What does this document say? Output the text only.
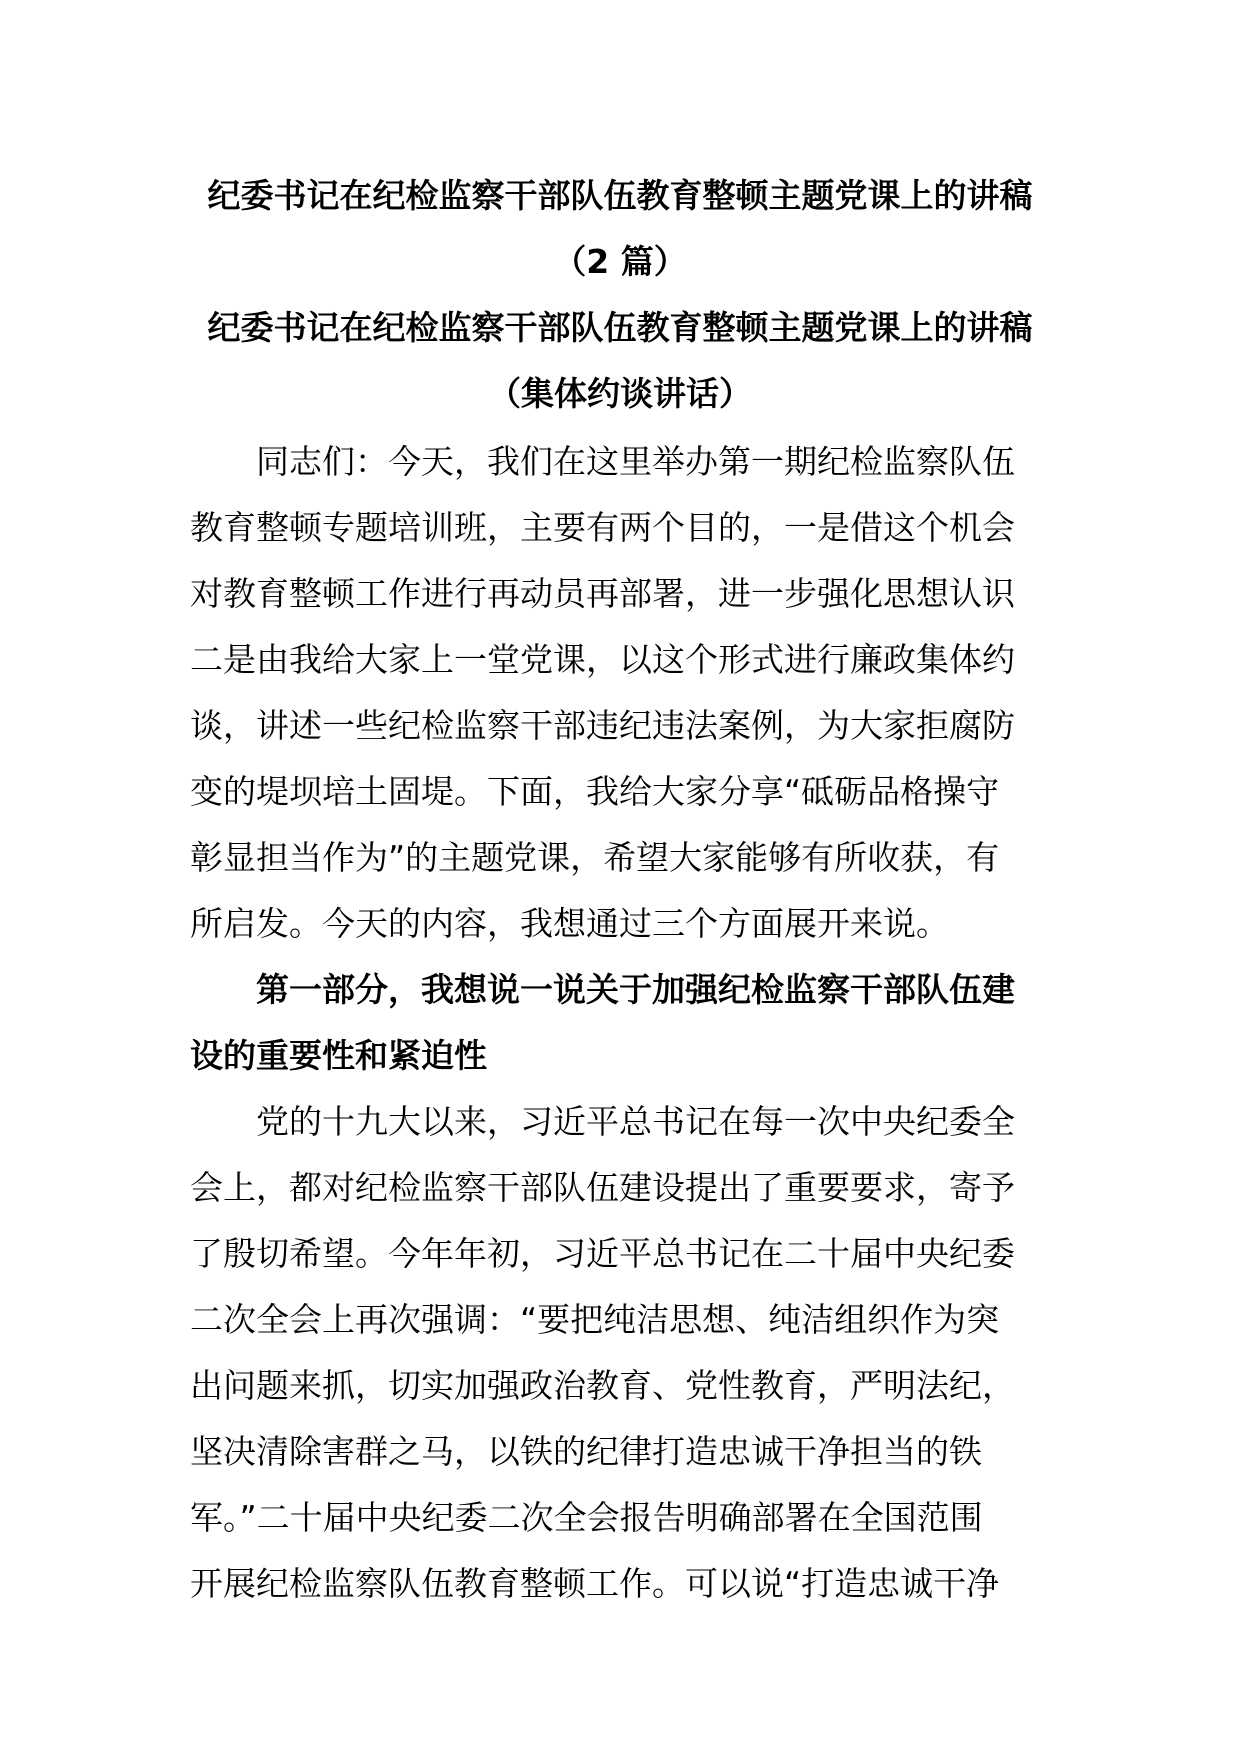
纪委书记在纪检监察干部队伍教育整顿主题党课上的讲稿

（2 篇）

纪委书记在纪检监察干部队伍教育整顿主题党课上的讲稿

（集体约谈讲话）

　　同志们：今天，我们在这里举办第一期纪检监察队伍

教育整顿专题培训班，主要有两个目的，一是借这个机会

对教育整顿工作进行再动员再部署，进一步强化思想认识

二是由我给大家上一堂党课，以这个形式进行廉政集体约

谈，讲述一些纪检监察干部违纪违法案例，为大家拒腐防

变的堤坝培土固堤。下面，我给大家分享“砥砺品格操守

彰显担当作为”的主题党课，希望大家能够有所收获，有

所启发。今天的内容，我想通过三个方面展开来说。

　　第一部分，我想说一说关于加强纪检监察干部队伍建

设的重要性和紧迫性

　　党的十九大以来，习近平总书记在每一次中央纪委全

会上，都对纪检监察干部队伍建设提出了重要要求，寄予

了殷切希望。今年年初，习近平总书记在二十届中央纪委

二次全会上再次强调：“要把纯洁思想、纯洁组织作为突

出问题来抓，切实加强政治教育、党性教育，严明法纪，

坚决清除害群之马，以铁的纪律打造忠诚干净担当的铁

军。”二十届中央纪委二次全会报告明确部署在全国范围

开展纪检监察队伍教育整顿工作。可以说“打造忠诚干净
